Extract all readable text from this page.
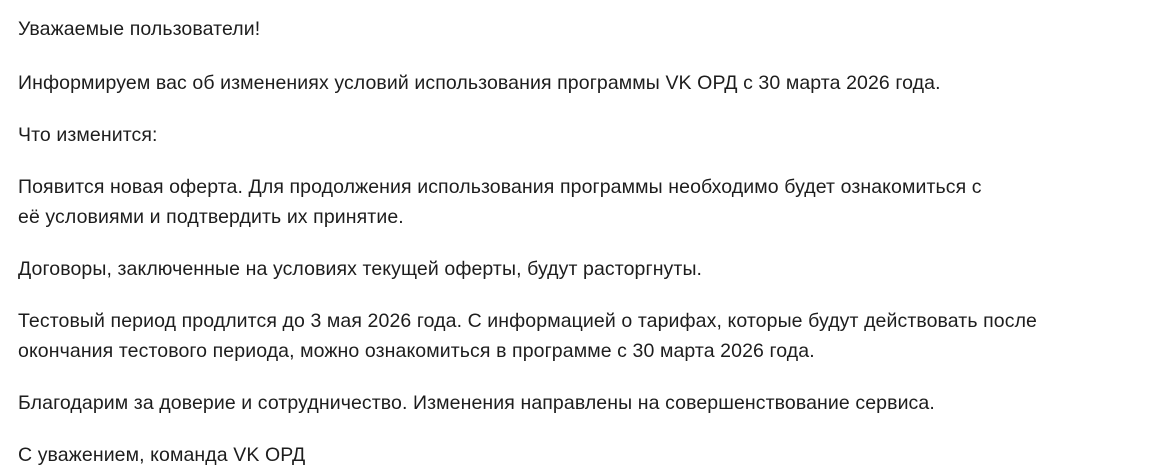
Уважаемые пользователи!

Информируем вас об изменениях условий использования программы VK ОРД с 30 марта 2026 года.

Что изменится:

Появится новая оферта. Для продолжения использования программы необходимо будет ознакомиться с её условиями и подтвердить их принятие.

Договоры, заключенные на условиях текущей оферты, будут расторгнуты.

Тестовый период продлится до 3 мая 2026 года. С информацией о тарифах, которые будут действовать после окончания тестового периода, можно ознакомиться в программе с 30 марта 2026 года.

Благодарим за доверие и сотрудничество. Изменения направлены на совершенствование сервиса.

С уважением, команда VK ОРД
